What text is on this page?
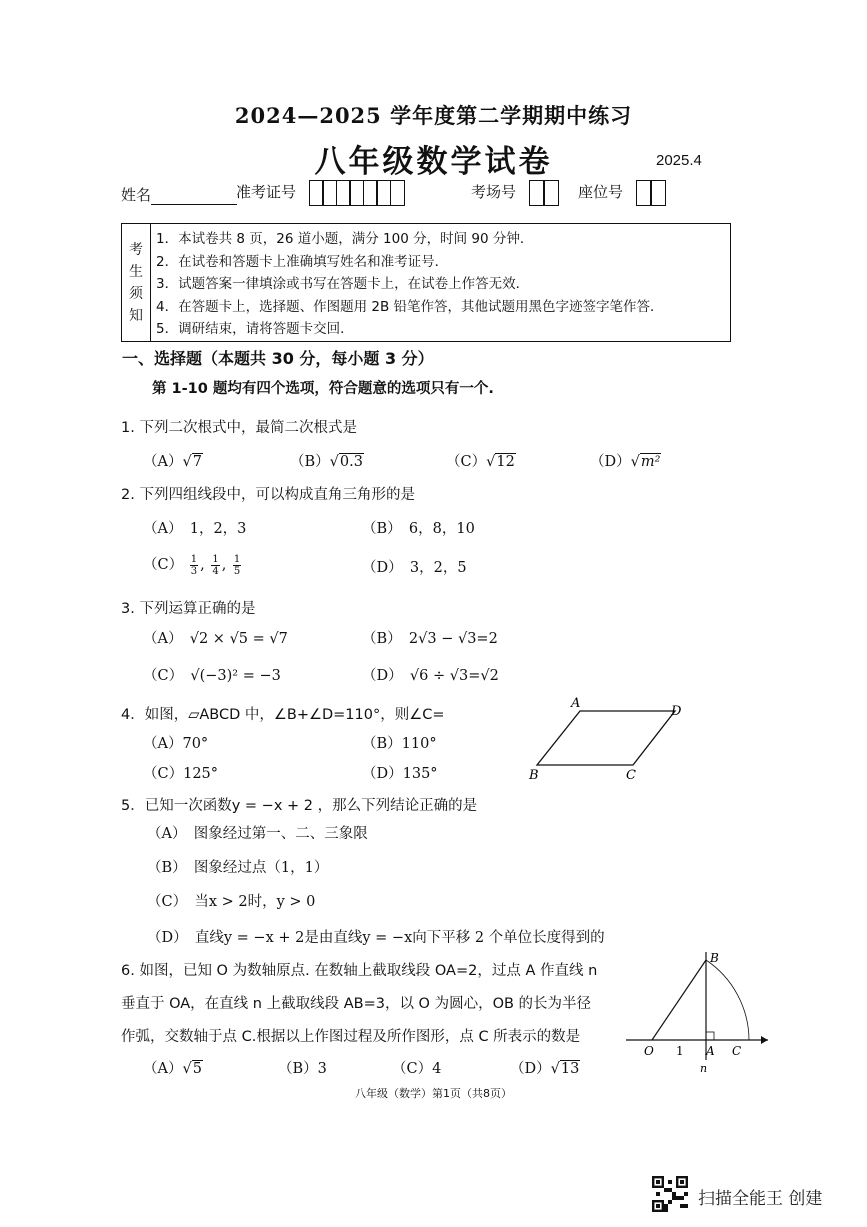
2024—2025 学年度第二学期期中练习
八年级数学试卷	2025.4
姓名	准考证号	考场号	座位号
考
生
须
知
1．本试卷共 8 页，26 道小题，满分 100 分，时间 90 分钟．
2．在试卷和答题卡上准确填写姓名和准考证号．
3．试题答案一律填涂或书写在答题卡上，在试卷上作答无效．
4．在答题卡上，选择题、作图题用 2B 铅笔作答，其他试题用黑色字迹签字笔作答．
5．调研结束，请将答题卡交回．
一、选择题（本题共 30 分，每小题 3 分）
第 1-10 题均有四个选项，符合题意的选项只有一个.
1. 下列二次根式中，最简二次根式是
（A）√7	（B）√0.3	（C）√12	（D）√m²
2. 下列四组线段中，可以构成直角三角形的是
（A）　1，2，3	（B）　6，8，10
$(C) \frac{1}{3}$ , $\frac{1}{4}$ , $\frac{1}{5}$	（D）　 3，2，5
3. 下列运算正确的是
（A）　 √2 × √5 = √7	（B）　 2√3 − √3=2
（C）　 √(−3)² = −3	（D）　 √6 ÷ √3=√2
4．如图，▱ABCD 中，∠B+∠D=110°，则∠C=
（A）70°	（B）110°
（C）125°	（D）135°
A
D
B	C
5．已知一次函数y = −x + 2 ，那么下列结论正确的是
（A）　图象经过第一、二、三象限
（B）　图象经过点（1，1）
（C）　当x > 2时，y > 0
（D）　直线y = −x + 2是由直线y = −x向下平移 2 个单位长度得到的
6. 如图，已知 O 为数轴原点. 在数轴上截取线段 OA=2，过点 A 作直线 n
垂直于 OA，在直线 n 上截取线段 AB=3，以 O 为圆心，OB 的长为半径
作弧，交数轴于点 C.根据以上作图过程及所作图形，点 C 所表示的数是
（A）√5	（B）3	（C）4	（D）√13
B
O 1 A C
n
八年级（数学）第1页（共8页）
扫描全能王 创建
